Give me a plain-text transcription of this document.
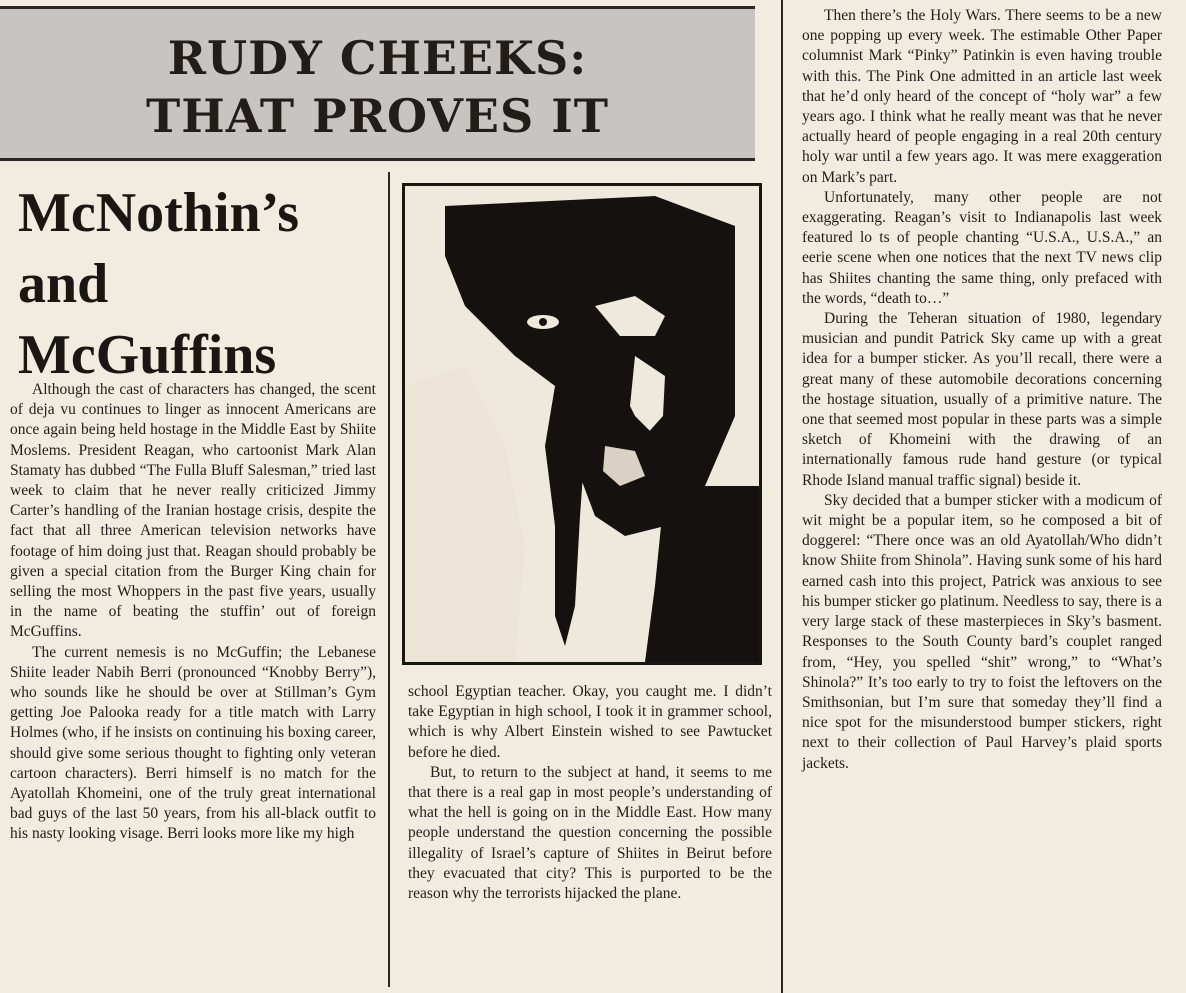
RUDY CHEEKS:
THAT PROVES IT
McNothin’s
and
McGuffins

Although the cast of characters has changed, the scent of deja vu continues to linger as innocent Americans are once again being held hostage in the Middle East by Shiite Moslems. President Reagan, who cartoonist Mark Alan Stamaty has dubbed “The Fulla Bluff Salesman,” tried last week to claim that he never really criticized Jimmy Carter’s handling of the Iranian hostage crisis, despite the fact that all three American television networks have footage of him doing just that. Reagan should probably be given a special citation from the Burger King chain for selling the most Whoppers in the past five years, usually in the name of beating the stuffin’ out of foreign McGuffins.

The current nemesis is no McGuffin; the Lebanese Shiite leader Nabih Berri (pronounced “Knobby Berry”), who sounds like he should be over at Stillman’s Gym getting Joe Palooka ready for a title match with Larry Holmes (who, if he insists on continuing his boxing career, should give some serious thought to fighting only veteran cartoon characters). Berri himself is no match for the Ayatollah Khomeini, one of the truly great international bad guys of the last 50 years, from his all-black outfit to his nasty looking visage. Berri looks more like my high

school Egyptian teacher. Okay, you caught me. I didn’t take Egyptian in high school, I took it in grammer school, which is why Albert Einstein wished to see Pawtucket before he died.

But, to return to the subject at hand, it seems to me that there is a real gap in most people’s understanding of what the hell is going on in the Middle East. How many people understand the question concerning the possible illegality of Israel’s capture of Shiites in Beirut before they evacuated that city? This is purported to be the reason why the terrorists hijacked the plane.

Then there’s the Holy Wars. There seems to be a new one popping up every week. The estimable Other Paper columnist Mark “Pinky” Patinkin is even having trouble with this. The Pink One admitted in an article last week that he’d only heard of the concept of “holy war” a few years ago. I think what he really meant was that he never actually heard of people engaging in a real 20th century holy war until a few years ago. It was mere exaggeration on Mark’s part.

Unfortunately, many other people are not exaggerating. Reagan’s visit to Indianapolis last week featured lo ts of people chanting “U.S.A., U.S.A.,” an eerie scene when one notices that the next TV news clip has Shiites chanting the same thing, only prefaced with the words, “death to…”

During the Teheran situation of 1980, legendary musician and pundit Patrick Sky came up with a great idea for a bumper sticker. As you’ll recall, there were a great many of these automobile decorations concerning the hostage situation, usually of a primitive nature. The one that seemed most popular in these parts was a simple sketch of Khomeini with the drawing of an internationally famous rude hand gesture (or typical Rhode Island manual traffic signal) beside it.

Sky decided that a bumper sticker with a modicum of wit might be a popular item, so he composed a bit of doggerel: “There once was an old Ayatollah/Who didn’t know Shiite from Shinola”. Having sunk some of his hard earned cash into this project, Patrick was anxious to see his bumper sticker go platinum. Needless to say, there is a very large stack of these masterpieces in Sky’s basment. Responses to the South County bard’s couplet ranged from, “Hey, you spelled “shit” wrong,” to “What’s Shinola?” It’s too early to try to foist the leftovers on the Smithsonian, but I’m sure that someday they’ll find a nice spot for the misunderstood bumper stickers, right next to their collection of Paul Harvey’s plaid sports jackets.
